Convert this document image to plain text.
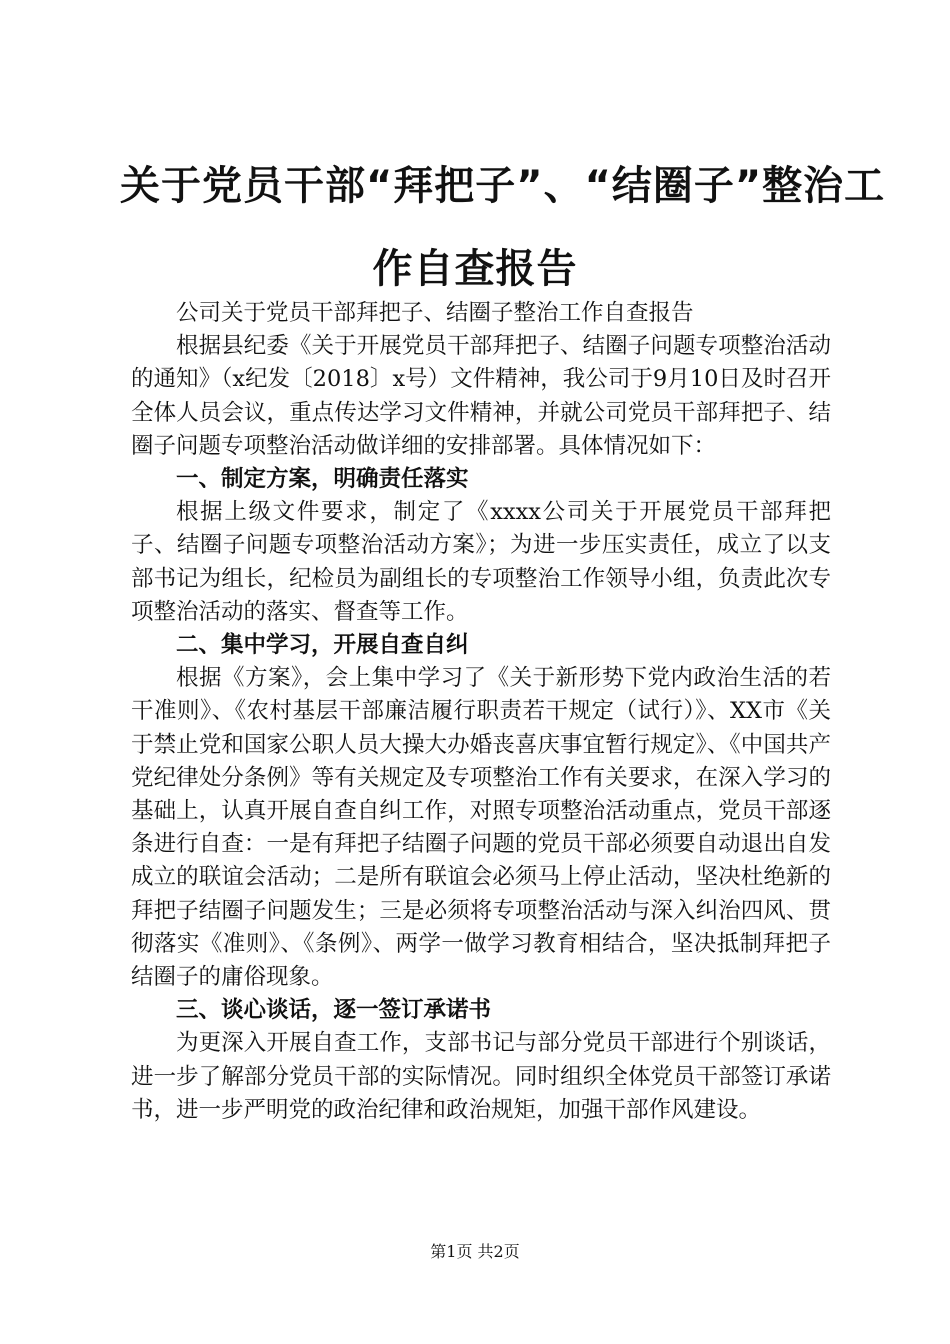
关于党员干部“拜把子”、“结圈子”整治工
作自查报告

公司关于党员干部拜把子、结圈子整治工作自查报告

根据县纪委《关于开展党员干部拜把子、结圈子问题专项整治活动的通知》（x纪发〔2018〕x号）文件精神，我公司于9月10日及时召开全体人员会议，重点传达学习文件精神，并就公司党员干部拜把子、结圈子问题专项整治活动做详细的安排部署。具体情况如下：

一、制定方案，明确责任落实

根据上级文件要求，制定了《xxxx公司关于开展党员干部拜把子、结圈子问题专项整治活动方案》；为进一步压实责任，成立了以支部书记为组长，纪检员为副组长的专项整治工作领导小组，负责此次专项整治活动的落实、督查等工作。

二、集中学习，开展自查自纠

根据《方案》，会上集中学习了《关于新形势下党内政治生活的若干准则》、《农村基层干部廉洁履行职责若干规定（试行）》、XX市《关于禁止党和国家公职人员大操大办婚丧喜庆事宜暂行规定》、《中国共产党纪律处分条例》等有关规定及专项整治工作有关要求，在深入学习的基础上，认真开展自查自纠工作，对照专项整治活动重点，党员干部逐条进行自查：一是有拜把子结圈子问题的党员干部必须要自动退出自发成立的联谊会活动；二是所有联谊会必须马上停止活动，坚决杜绝新的拜把子结圈子问题发生；三是必须将专项整治活动与深入纠治四风、贯彻落实《准则》、《条例》、两学一做学习教育相结合，坚决抵制拜把子结圈子的庸俗现象。

三、谈心谈话，逐一签订承诺书

为更深入开展自查工作，支部书记与部分党员干部进行个别谈话，进一步了解部分党员干部的实际情况。同时组织全体党员干部签订承诺书，进一步严明党的政治纪律和政治规矩，加强干部作风建设。

第1页 共2页
